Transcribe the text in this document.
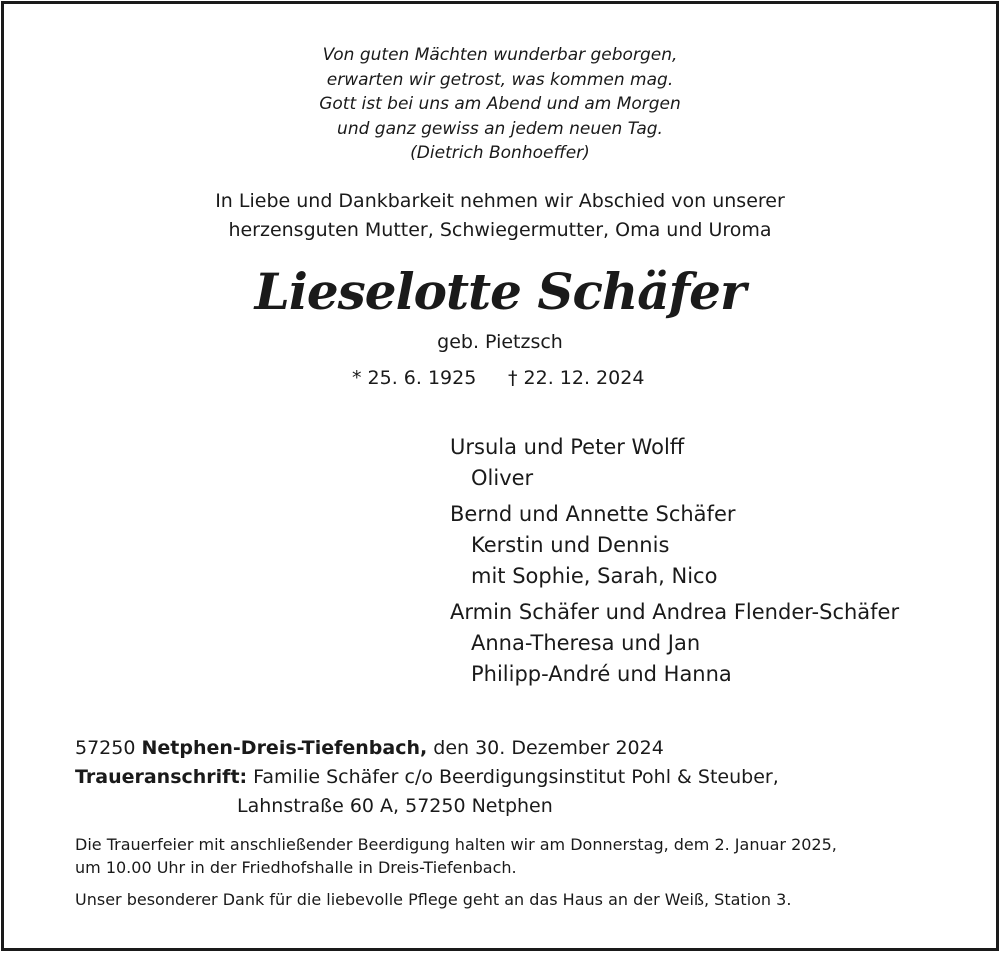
Von guten Mächten wunderbar geborgen,
erwarten wir getrost, was kommen mag.
Gott ist bei uns am Abend und am Morgen
und ganz gewiss an jedem neuen Tag.
(Dietrich Bonhoeffer)
In Liebe und Dankbarkeit nehmen wir Abschied von unserer
herzensguten Mutter, Schwiegermutter, Oma und Uroma
Lieselotte Schäfer
geb. Pietzsch
* 25. 6. 1925 † 22. 12. 2024
Ursula und Peter Wolff
Oliver
Bernd und Annette Schäfer
Kerstin und Dennis
mit Sophie, Sarah, Nico
Armin Schäfer und Andrea Flender-Schäfer
Anna-Theresa und Jan
Philipp-André und Hanna
57250 Netphen-Dreis-Tiefenbach, den 30. Dezember 2024
Traueranschrift: Familie Schäfer c/o Beerdigungsinstitut Pohl & Steuber,
Lahnstraße 60 A, 57250 Netphen
Die Trauerfeier mit anschließender Beerdigung halten wir am Donnerstag, dem 2. Januar 2025,
um 10.00 Uhr in der Friedhofshalle in Dreis-Tiefenbach.
Unser besonderer Dank für die liebevolle Pflege geht an das Haus an der Weiß, Station 3.
